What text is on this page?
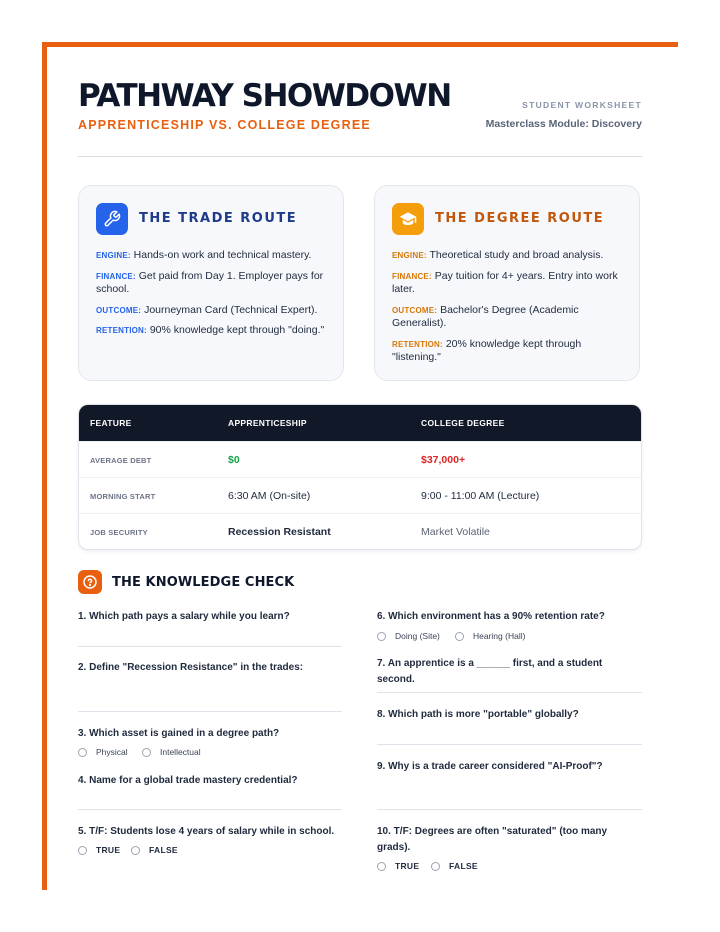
PATHWAY SHOWDOWN
APPRENTICESHIP VS. COLLEGE DEGREE
STUDENT WORKSHEET
Masterclass Module: Discovery
THE TRADE ROUTE

ENGINE: Hands-on work and technical mastery.

FINANCE: Get paid from Day 1. Employer pays for school.

OUTCOME: Journeyman Card (Technical Expert).

RETENTION: 90% knowledge kept through "doing."

THE DEGREE ROUTE

ENGINE: Theoretical study and broad analysis.

FINANCE: Pay tuition for 4+ years. Entry into work later.

OUTCOME: Bachelor's Degree (Academic Generalist).

RETENTION: 20% knowledge kept through "listening."

FEATURE	APPRENTICESHIP	COLLEGE DEGREE
AVERAGE DEBT	$0	$37,000+
MORNING START	6:30 AM (On-site)	9:00 - 11:00 AM (Lecture)
JOB SECURITY	Recession Resistant	Market Volatile
THE KNOWLEDGE CHECK
1. Which path pays a salary while you learn?
2. Define "Recession Resistance" in the trades:
3. Which asset is gained in a degree path?
Physical	Intellectual
4. Name for a global trade mastery credential?
5. T/F: Students lose 4 years of salary while in school.
TRUE	FALSE
6. Which environment has a 90% retention rate?
Doing (Site)	Hearing (Hall)
7. An apprentice is a ______ first, and a student second.
8. Which path is more "portable" globally?
9. Why is a trade career considered "AI-Proof"?
10. T/F: Degrees are often "saturated" (too many grads).
TRUE	FALSE
